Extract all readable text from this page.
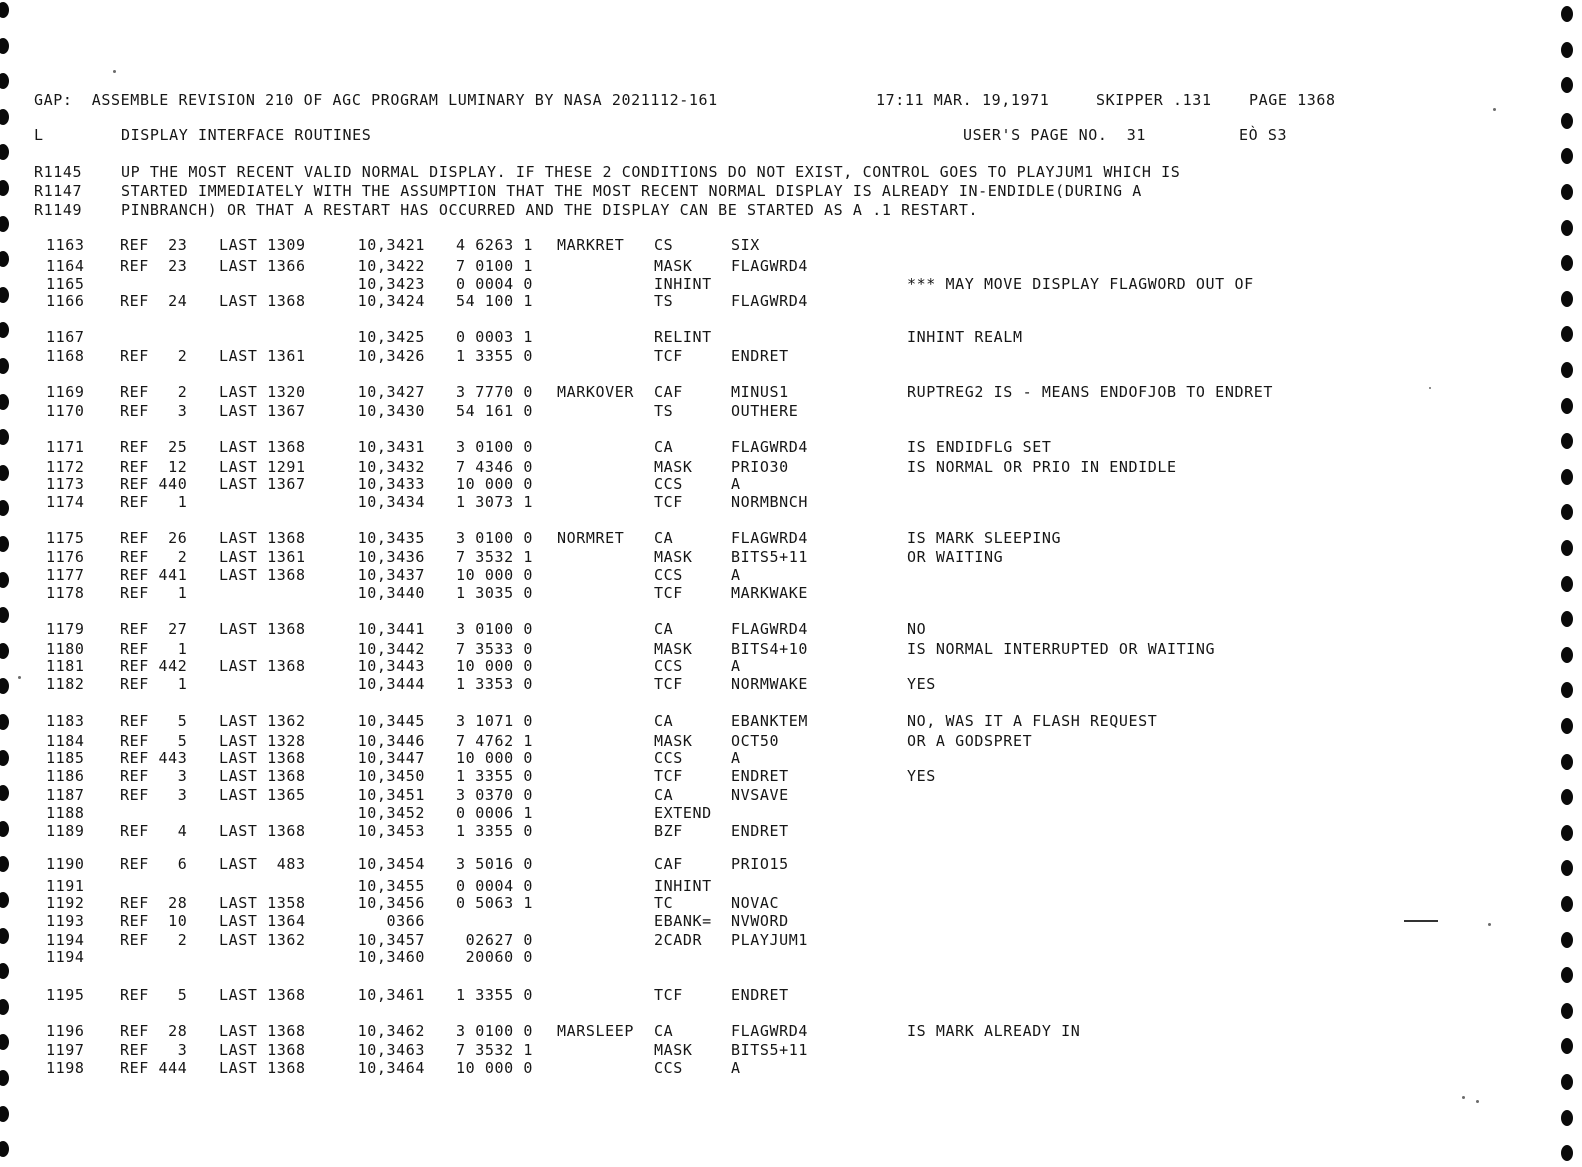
GAP:  ASSEMBLE REVISION 210 OF AGC PROGRAM LUMINARY BY NASA 2021112-161	17:11 MAR. 19,1971	SKIPPER .131 PAGE 1368
L	DISPLAY INTERFACE ROUTINES	USER'S PAGE NO.  31	EÒ S3
R1145	UP THE MOST RECENT VALID NORMAL DISPLAY. IF THESE 2 CONDITIONS DO NOT EXIST, CONTROL GOES TO PLAYJUM1 WHICH IS
R1147	STARTED IMMEDIATELY WITH THE ASSUMPTION THAT THE MOST RECENT NORMAL DISPLAY IS ALREADY IN-ENDIDLE(DURING A
R1149	PINBRANCH) OR THAT A RESTART HAS OCCURRED AND THE DISPLAY CAN BE STARTED AS A .1 RESTART.
1163 REF  23 LAST 1309	10,3421 4 6263 1 MARKRET CS	SIX
1164 REF  23 LAST 1366	10,3422 7 0100 1	MASK	FLAGWRD4
1165	10,3423 0 0004 0	INHINT	*** MAY MOVE DISPLAY FLAGWORD OUT OF
1166 REF  24 LAST 1368	10,3424 54 100 1	TS	FLAGWRD4
1167	10,3425 0 0003 1	RELINT	INHINT REALM
1168 REF   2 LAST 1361	10,3426 1 3355 0	TCF	ENDRET
1169 REF   2 LAST 1320	10,3427 3 7770 0 MARKOVER CAF	MINUS1	RUPTREG2 IS - MEANS ENDOFJOB TO ENDRET
1170 REF   3 LAST 1367	10,3430 54 161 0	TS	OUTHERE
1171 REF  25 LAST 1368	10,3431 3 0100 0	CA	FLAGWRD4	IS ENDIDFLG SET
1172 REF  12 LAST 1291	10,3432 7 4346 0	MASK	PRIO30	IS NORMAL OR PRIO IN ENDIDLE
1173 REF 440 LAST 1367	10,3433 10 000 0	CCS	A
1174 REF   1	10,3434 1 3073 1	TCF	NORMBNCH
1175 REF  26 LAST 1368	10,3435 3 0100 0 NORMRET CA	FLAGWRD4	IS MARK SLEEPING
1176 REF   2 LAST 1361	10,3436 7 3532 1	MASK	BITS5+11	OR WAITING
1177 REF 441 LAST 1368	10,3437 10 000 0	CCS	A
1178 REF   1	10,3440 1 3035 0	TCF	MARKWAKE
1179 REF  27 LAST 1368	10,3441 3 0100 0	CA	FLAGWRD4	NO
1180 REF   1	10,3442 7 3533 0	MASK	BITS4+10	IS NORMAL INTERRUPTED OR WAITING
1181 REF 442 LAST 1368	10,3443 10 000 0	CCS	A
1182 REF   1	10,3444 1 3353 0	TCF	NORMWAKE	YES
1183 REF   5 LAST 1362	10,3445 3 1071 0	CA	EBANKTEM	NO, WAS IT A FLASH REQUEST
1184 REF   5 LAST 1328	10,3446 7 4762 1	MASK	OCT50	OR A GODSPRET
1185 REF 443 LAST 1368	10,3447 10 000 0	CCS	A
1186 REF   3 LAST 1368	10,3450 1 3355 0	TCF	ENDRET	YES
1187 REF   3 LAST 1365	10,3451 3 0370 0	CA	NVSAVE
1188	10,3452 0 0006 1	EXTEND
1189 REF   4 LAST 1368	10,3453 1 3355 0	BZF	ENDRET
1190 REF   6 LAST  483	10,3454 3 5016 0	CAF	PRIO15
1191	10,3455 0 0004 0	INHINT
1192 REF  28 LAST 1358	10,3456 0 5063 1	TC	NOVAC
1193 REF  10 LAST 1364	0366	EBANK= NVWORD
1194 REF   2 LAST 1362	10,3457	02627 0	2CADR PLAYJUM1
1194	10,3460	20060 0
1195 REF   5 LAST 1368	10,3461 1 3355 0	TCF	ENDRET
1196 REF  28 LAST 1368	10,3462 3 0100 0 MARSLEEP CA	FLAGWRD4	IS MARK ALREADY IN
1197 REF   3 LAST 1368	10,3463 7 3532 1	MASK	BITS5+11
1198 REF 444 LAST 1368	10,3464 10 000 0	CCS	A
